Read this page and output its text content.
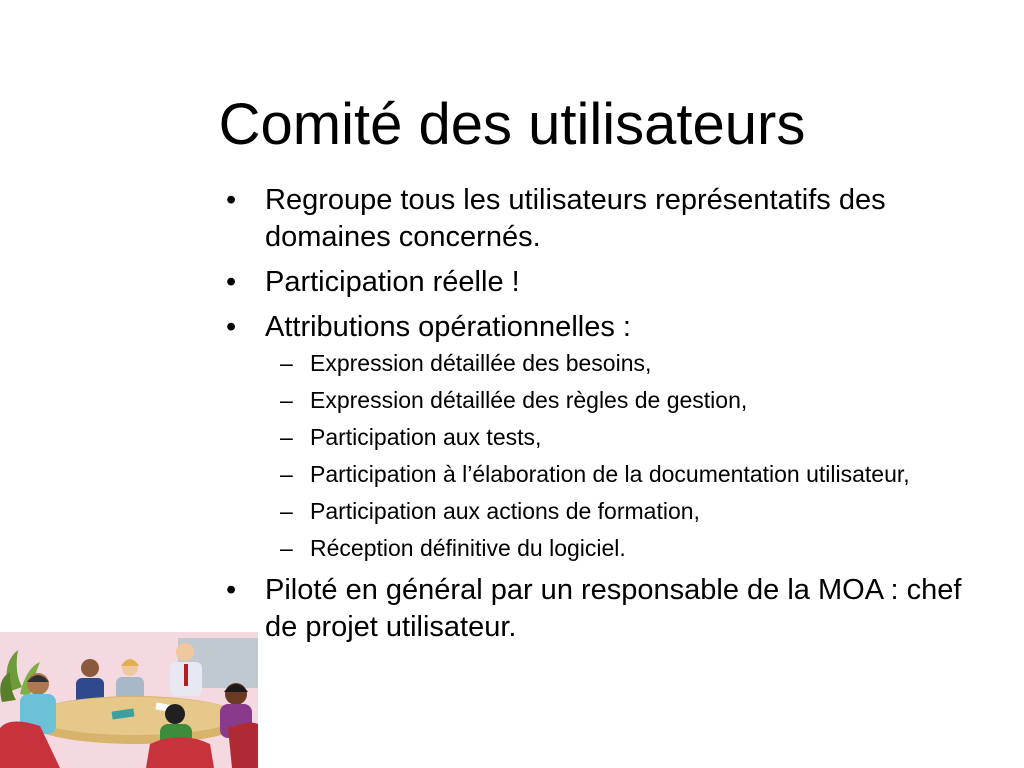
Comité des utilisateurs
• Regroupe tous les utilisateurs représentatifs des domaines concernés.
• Participation réelle !
• Attributions opérationnelles :
– Expression détaillée des besoins,
– Expression détaillée des règles de gestion,
– Participation aux tests,
– Participation à l’élaboration de la documentation utilisateur,
– Participation aux actions de formation,
– Réception définitive du logiciel.
• Piloté en général par un responsable de la MOA : chef de projet utilisateur.
